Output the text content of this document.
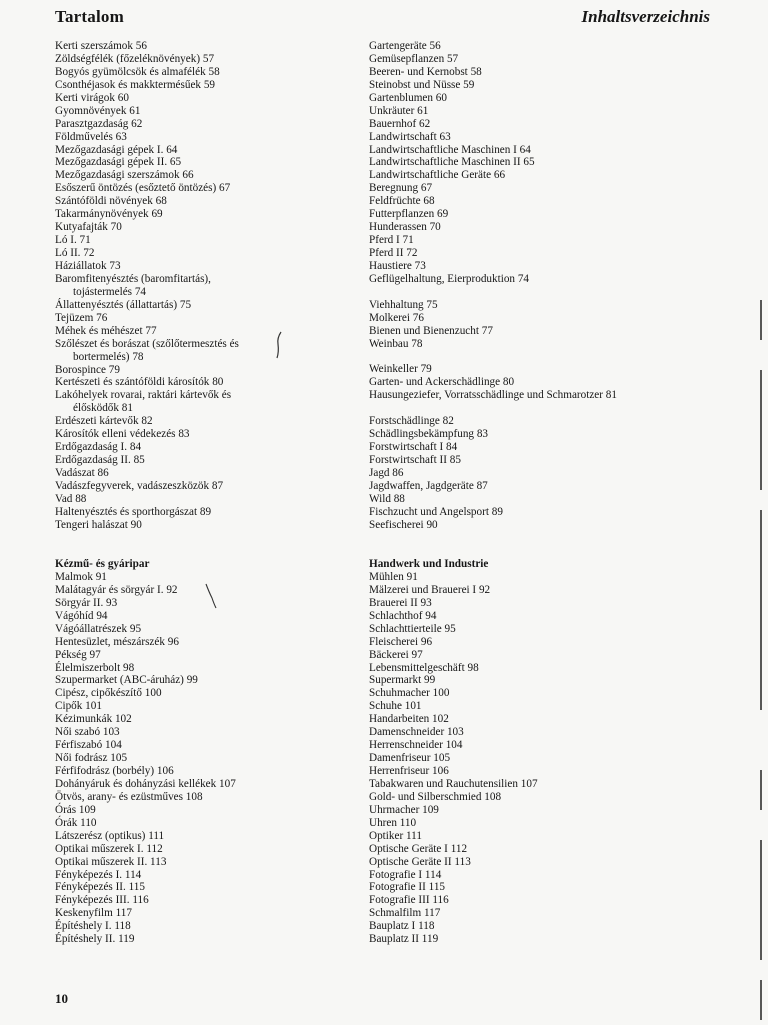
Tartalom	Inhaltsverzeichnis
Kerti szerszámok 56
Zöldségfélék (főzeléknövények) 57
Bogyós gyümölcsök és almafélék 58
Csonthéjasok és makktermésűek 59
Kerti virágok 60
Gyomnövények 61
Parasztgazdaság 62
Földművelés 63
Mezőgazdasági gépek I. 64
Mezőgazdasági gépek II. 65
Mezőgazdasági szerszámok 66
Esőszerű öntözés (esőztető öntözés) 67
Szántóföldi növények 68
Takarmánynövények 69
Kutyafajták 70
Ló I. 71
Ló II. 72
Háziállatok 73
Baromfitenyésztés (baromfitartás),
tojástermelés 74
Állattenyésztés (állattartás) 75
Tejüzem 76
Méhek és méhészet 77
Szőlészet és borászat (szőlőtermesztés és
bortermelés) 78
Borospince 79
Kertészeti és szántóföldi károsítók 80
Lakóhelyek rovarai, raktári kártevők és
élősködők 81
Erdészeti kártevők 82
Károsítók elleni védekezés 83
Erdőgazdaság I. 84
Erdőgazdaság II. 85
Vadászat 86
Vadászfegyverek, vadászeszközök 87
Vad 88
Haltenyésztés és sporthorgászat 89
Tengeri halászat 90
Gartengeräte 56
Gemüsepflanzen 57
Beeren- und Kernobst 58
Steinobst und Nüsse 59
Gartenblumen 60
Unkräuter 61
Bauernhof 62
Landwirtschaft 63
Landwirtschaftliche Maschinen I 64
Landwirtschaftliche Maschinen II 65
Landwirtschaftliche Geräte 66
Beregnung 67
Feldfrüchte 68
Futterpflanzen 69
Hunderassen 70
Pferd I 71
Pferd II 72
Haustiere 73
Geflügelhaltung, Eierproduktion 74
Viehhaltung 75
Molkerei 76
Bienen und Bienenzucht 77
Weinbau 78
Weinkeller 79
Garten- und Ackerschädlinge 80
Hausungeziefer, Vorratsschädlinge und Schmarotzer 81
Forstschädlinge 82
Schädlingsbekämpfung 83
Forstwirtschaft I 84
Forstwirtschaft II 85
Jagd 86
Jagdwaffen, Jagdgeräte 87
Wild 88
Fischzucht und Angelsport 89
Seefischerei 90
Kézmű- és gyáripar
Malmok 91
Malátagyár és sörgyár I. 92
Sörgyár II. 93
Vágóhíd 94
Vágóállatrészek 95
Hentesüzlet, mészárszék 96
Pékség 97
Élelmiszerbolt 98
Szupermarket (ABC-áruház) 99
Cipész, cipőkészítő 100
Cipők 101
Kézimunkák 102
Női szabó 103
Férfiszabó 104
Női fodrász 105
Férfifodrász (borbély) 106
Dohányáruk és dohányzási kellékek 107
Ötvös, arany- és ezüstműves 108
Órás 109
Órák 110
Látszerész (optikus) 111
Optikai műszerek I. 112
Optikai műszerek II. 113
Fényképezés I. 114
Fényképezés II. 115
Fényképezés III. 116
Keskenyfilm 117
Építéshely I. 118
Építéshely II. 119
Handwerk und Industrie
Mühlen 91
Mälzerei und Brauerei I 92
Brauerei II 93
Schlachthof 94
Schlachttierteile 95
Fleischerei 96
Bäckerei 97
Lebensmittelgeschäft 98
Supermarkt 99
Schuhmacher 100
Schuhe 101
Handarbeiten 102
Damenschneider 103
Herrenschneider 104
Damenfriseur 105
Herrenfriseur 106
Tabakwaren und Rauchutensilien 107
Gold- und Silberschmied 108
Uhrmacher 109
Uhren 110
Optiker 111
Optische Geräte I 112
Optische Geräte II 113
Fotografie I 114
Fotografie II 115
Fotografie III 116
Schmalfilm 117
Bauplatz I 118
Bauplatz II 119
10
